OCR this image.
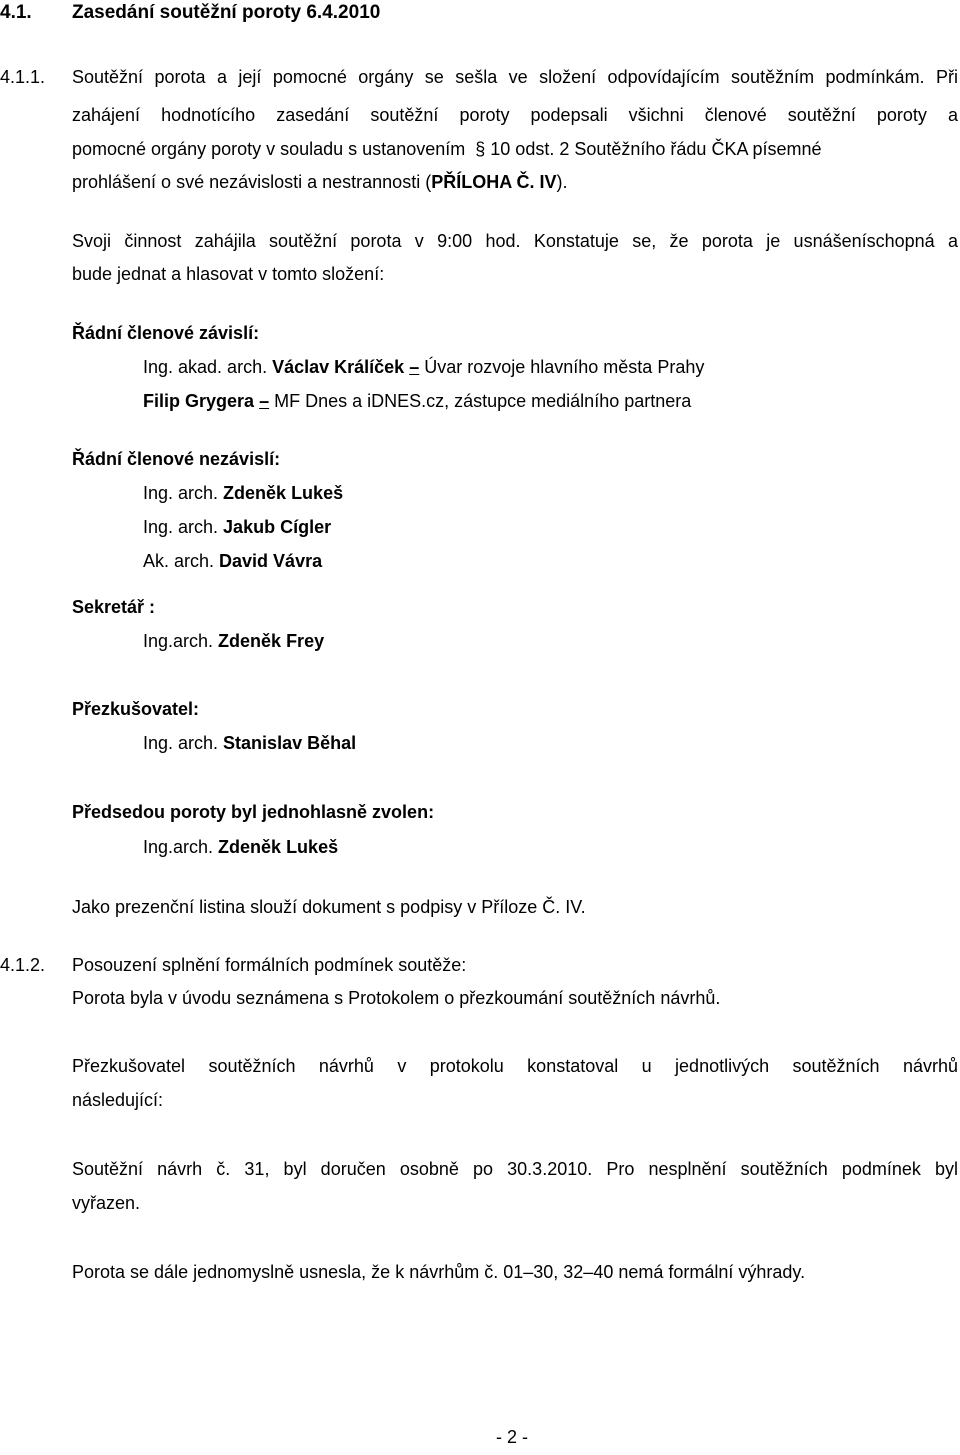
4.1. Zasedání soutěžní poroty 6.4.2010
4.1.1. Soutěžní porota a její pomocné orgány se sešla ve složení odpovídajícím soutěžním podmínkám. Při
zahájení hodnotícího zasedání soutěžní poroty podepsali všichni členové soutěžní poroty a
pomocné orgány poroty v souladu s ustanovením § 10 odst. 2 Soutěžního řádu ČKA písemné
prohlášení o své nezávislosti a nestrannosti (PŘÍLOHA Č. IV).
Svoji činnost zahájila soutěžní porota v 9:00 hod. Konstatuje se, že porota je usnášeníschopná a
bude jednat a hlasovat v tomto složení:
Řádní členové závislí:
Ing. akad. arch. Václav Králíček – Úvar rozvoje hlavního města Prahy
Filip Grygera – MF Dnes a iDNES.cz, zástupce mediálního partnera
Řádní členové nezávislí:
Ing. arch. Zdeněk Lukeš
Ing. arch. Jakub Cígler
Ak. arch. David Vávra
Sekretář :
Ing.arch. Zdeněk Frey
Přezkušovatel:
Ing. arch. Stanislav Běhal
Předsedou poroty byl jednohlasně zvolen:
Ing.arch. Zdeněk Lukeš
Jako prezenční listina slouží dokument s podpisy v Příloze Č. IV.
4.1.2. Posouzení splnění formálních podmínek soutěže:
Porota byla v úvodu seznámena s Protokolem o přezkoumání soutěžních návrhů.
Přezkušovatel soutěžních návrhů v protokolu konstatoval u jednotlivých soutěžních návrhů
následující:
Soutěžní návrh č. 31, byl doručen osobně po 30.3.2010. Pro nesplnění soutěžních podmínek byl
vyřazen.
Porota se dále jednomyslně usnesla, že k návrhům č. 01–30, 32–40 nemá formální výhrady.
- 2 -
